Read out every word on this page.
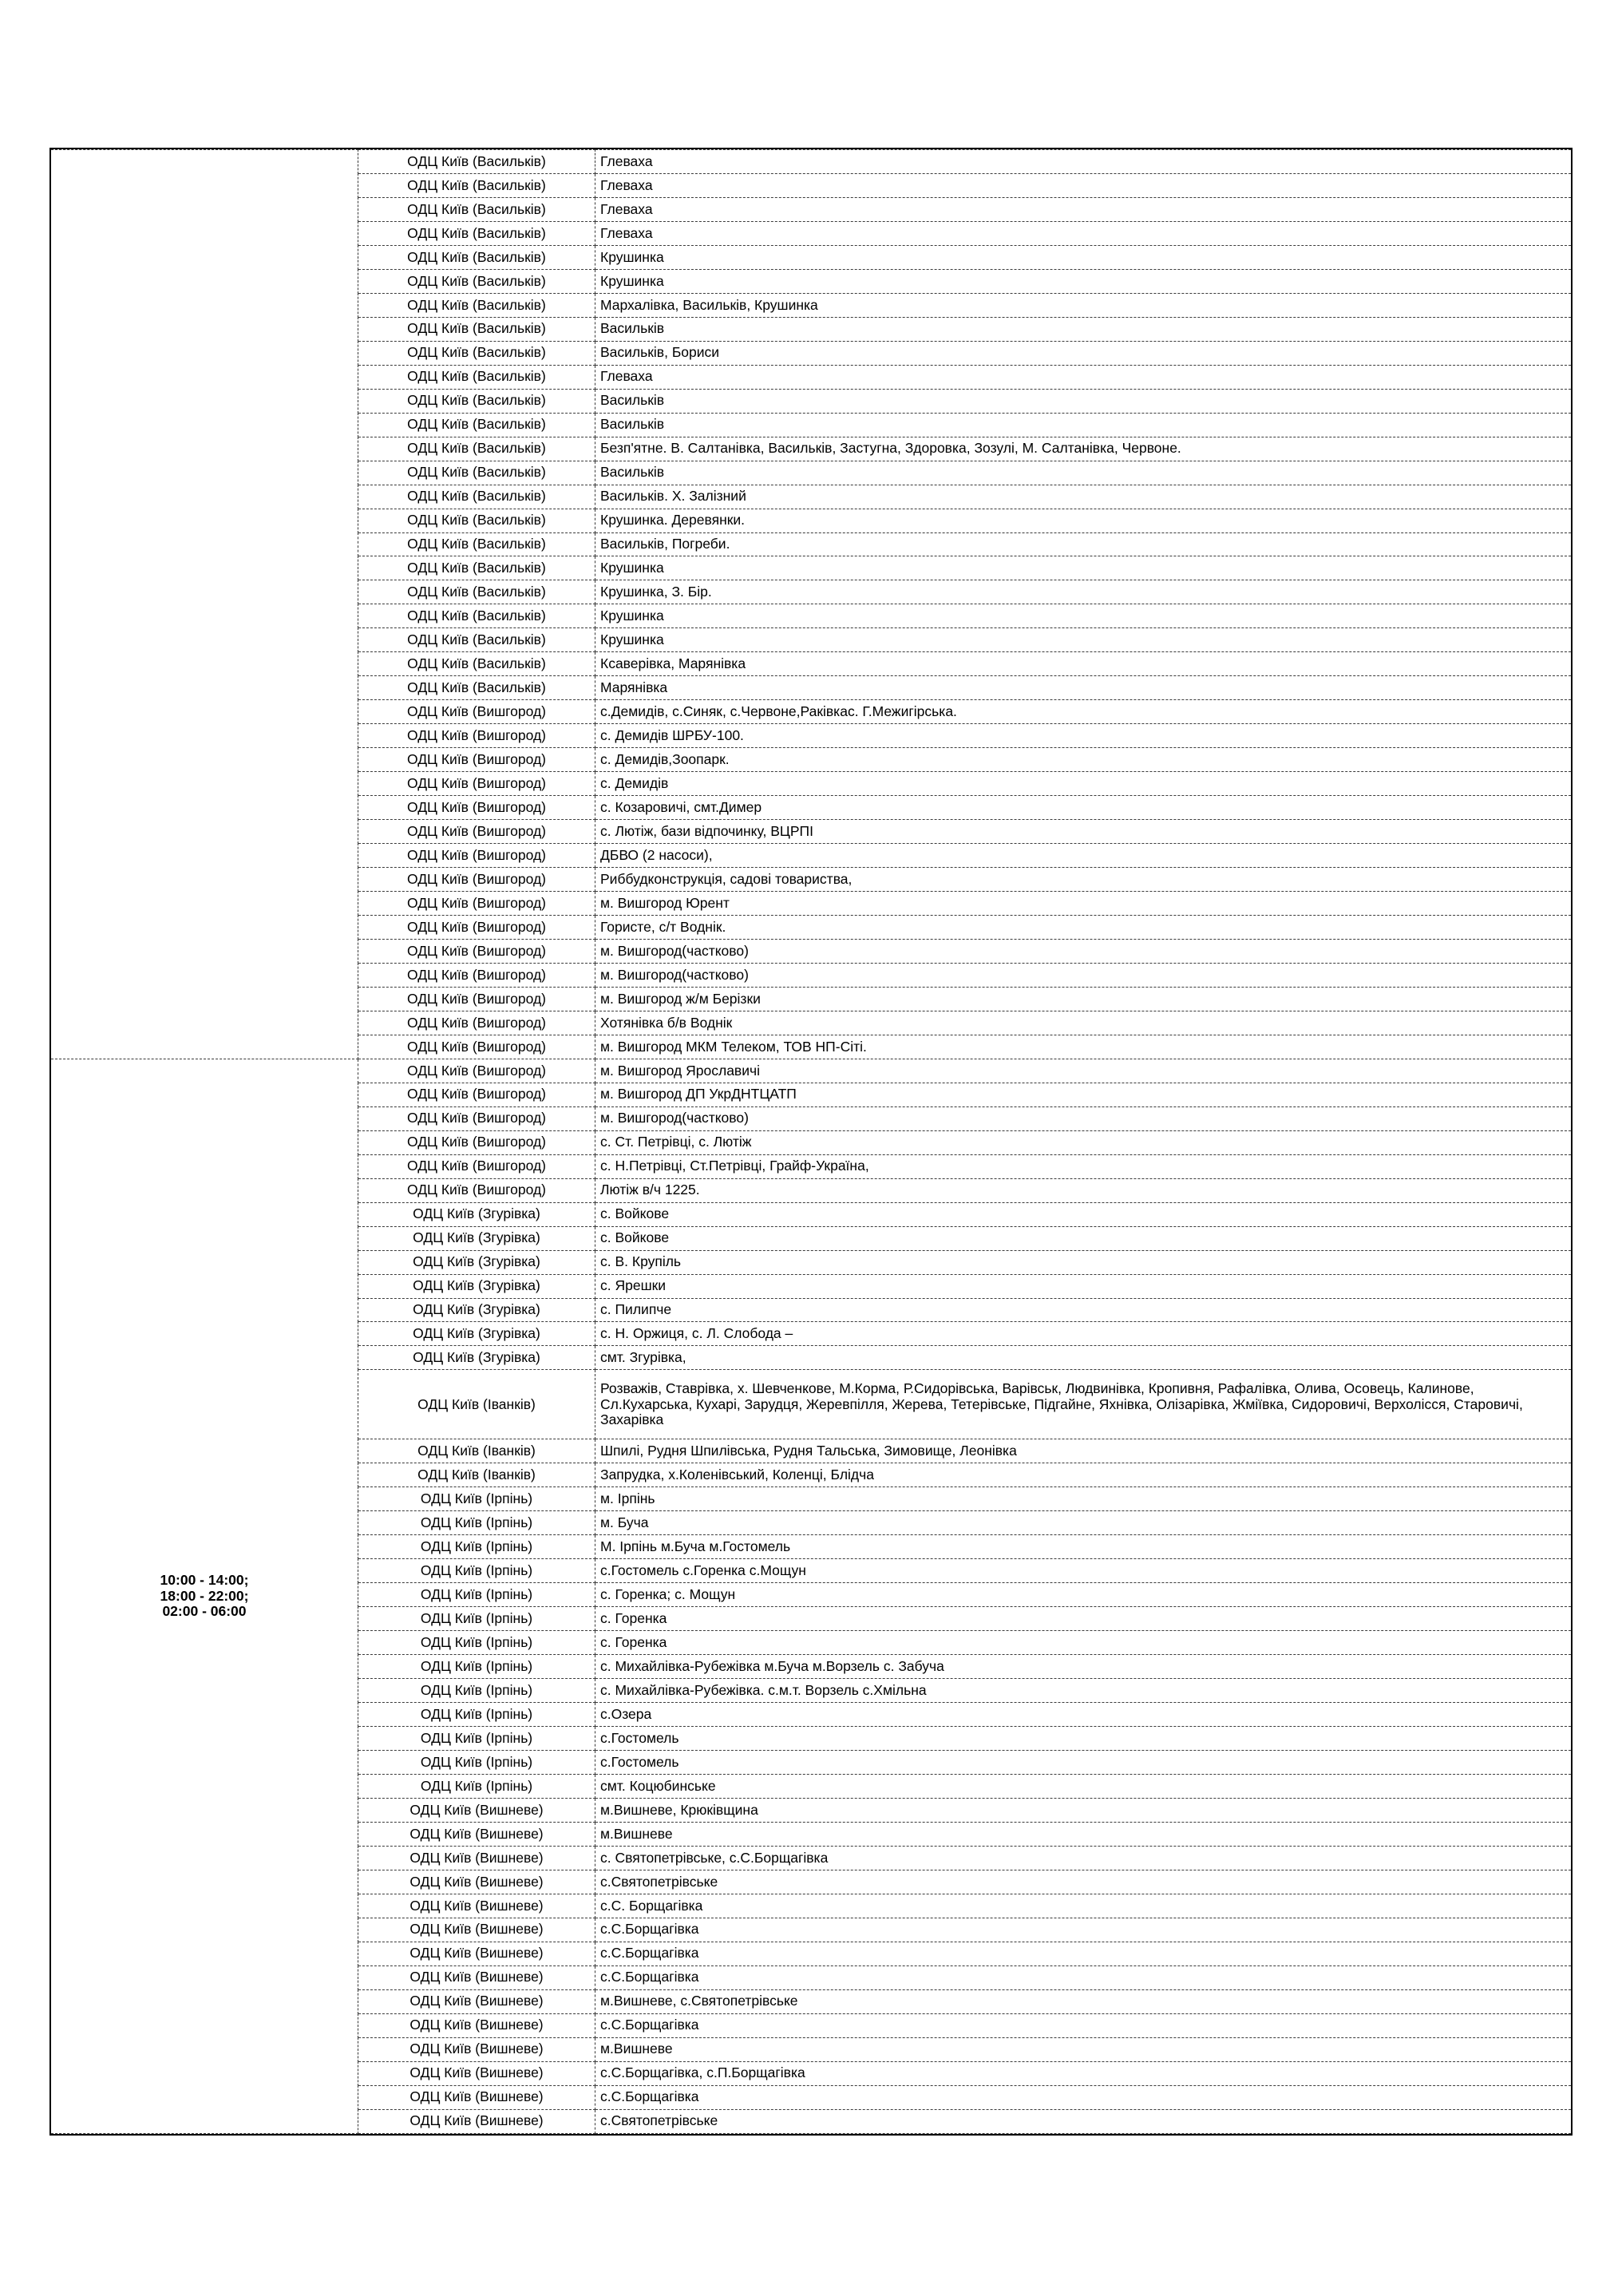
	ОДЦ Київ (Васильків)	Глеваха
	ОДЦ Київ (Васильків)	Глеваха
	ОДЦ Київ (Васильків)	Глеваха
	ОДЦ Київ (Васильків)	Глеваха
	ОДЦ Київ (Васильків)	Крушинка
	ОДЦ Київ (Васильків)	Крушинка
	ОДЦ Київ (Васильків)	Мархалівка, Васильків, Крушинка
	ОДЦ Київ (Васильків)	Васильків
	ОДЦ Київ (Васильків)	Васильків, Бориси
	ОДЦ Київ (Васильків)	Глеваха
	ОДЦ Київ (Васильків)	Васильків
	ОДЦ Київ (Васильків)	Васильків
	ОДЦ Київ (Васильків)	Безп'ятне. В. Салтанівка, Васильків, Застугна, Здоровка, Зозулі, М. Салтанівка, Червоне.
	ОДЦ Київ (Васильків)	Васильків
	ОДЦ Київ (Васильків)	Васильків. Х. Залізний
	ОДЦ Київ (Васильків)	Крушинка. Деревянки.
	ОДЦ Київ (Васильків)	Васильків, Погреби.
	ОДЦ Київ (Васильків)	Крушинка
	ОДЦ Київ (Васильків)	Крушинка, З. Бір.
	ОДЦ Київ (Васильків)	Крушинка
	ОДЦ Київ (Васильків)	Крушинка
	ОДЦ Київ (Васильків)	Ксаверівка, Марянівка
	ОДЦ Київ (Васильків)	Марянівка
	ОДЦ Київ (Вишгород)	с.Демидів, с.Синяк, с.Червоне,Раківкас. Г.Межигірська.
	ОДЦ Київ (Вишгород)	с. Демидів ШРБУ-100.
	ОДЦ Київ (Вишгород)	с. Демидів,Зоопарк.
	ОДЦ Київ (Вишгород)	с. Демидів
	ОДЦ Київ (Вишгород)	с. Козаровичі, смт.Димер
	ОДЦ Київ (Вишгород)	с. Лютіж, бази відпочинку, ВЦРПІ
	ОДЦ Київ (Вишгород)	ДБВО (2 насоси),
	ОДЦ Київ (Вишгород)	Риббудконструкція, садові товариства,
	ОДЦ Київ (Вишгород)	м. Вишгород Юрент
	ОДЦ Київ (Вишгород)	Гористе, с/т Воднік.
	ОДЦ Київ (Вишгород)	м. Вишгород(частково)
	ОДЦ Київ (Вишгород)	м. Вишгород(частково)
	ОДЦ Київ (Вишгород)	м. Вишгород ж/м Берізки
	ОДЦ Київ (Вишгород)	Хотянівка б/в Воднік
	ОДЦ Київ (Вишгород)	м. Вишгород МКМ Телеком, ТОВ НП-Сіті.

10:00 - 14:00;
18:00 - 22:00;
02:00 - 06:00	ОДЦ Київ (Вишгород)	м. Вишгород Ярославичі
	ОДЦ Київ (Вишгород)	м. Вишгород ДП УкрДНТЦАТП
	ОДЦ Київ (Вишгород)	м. Вишгород(частково)
	ОДЦ Київ (Вишгород)	с. Ст. Петрівці, с. Лютіж
	ОДЦ Київ (Вишгород)	с. Н.Петрівці, Ст.Петрівці, Грайф-Україна,
	ОДЦ Київ (Вишгород)	Лютіж в/ч 1225.
	ОДЦ Київ (Згурівка)	с. Войкове
	ОДЦ Київ (Згурівка)	с. Войкове
	ОДЦ Київ (Згурівка)	с. В. Крупіль
	ОДЦ Київ (Згурівка)	с. Ярешки
	ОДЦ Київ (Згурівка)	с. Пилипче
	ОДЦ Київ (Згурівка)	с. Н. Оржиця, с. Л. Слобода –
	ОДЦ Київ (Згурівка)	смт. Згурівка,
	ОДЦ Київ (Іванків)	Розважів, Ставрівка, х. Шевченкове, М.Корма, Р.Сидорівська, Варівськ, Людвинівка, Кропивня, Рафалівка, Олива, Осовець, Калинове, Сл.Кухарська, Кухарі, Зарудця, Жеревпілля, Жерева, Тетерівське, Підгайне, Яхнівка, Олізарівка, Жміївка, Сидоровичі, Верхолісся, Старовичі, Захарівка
	ОДЦ Київ (Іванків)	Шпилі, Рудня Шпилівська, Рудня Тальська, Зимовище, Леонівка
	ОДЦ Київ (Іванків)	Запрудка, х.Коленівський, Коленці, Блідча
	ОДЦ Київ (Ірпінь)	м. Ірпінь
	ОДЦ Київ (Ірпінь)	м. Буча
	ОДЦ Київ (Ірпінь)	М. Ірпінь м.Буча м.Гостомель
	ОДЦ Київ (Ірпінь)	с.Гостомель с.Горенка с.Мощун
	ОДЦ Київ (Ірпінь)	с. Горенка; с. Мощун
	ОДЦ Київ (Ірпінь)	с. Горенка
	ОДЦ Київ (Ірпінь)	с. Горенка
	ОДЦ Київ (Ірпінь)	с. Михайлівка-Рубежівка м.Буча м.Ворзель с. Забуча
	ОДЦ Київ (Ірпінь)	с. Михайлівка-Рубежівка. с.м.т. Ворзель с.Хмільна
	ОДЦ Київ (Ірпінь)	с.Озера
	ОДЦ Київ (Ірпінь)	с.Гостомель
	ОДЦ Київ (Ірпінь)	с.Гостомель
	ОДЦ Київ (Ірпінь)	смт. Коцюбинське
	ОДЦ Київ (Вишневе)	м.Вишневе, Крюківщина
	ОДЦ Київ (Вишневе)	м.Вишневе
	ОДЦ Київ (Вишневе)	с. Святопетрівське, с.С.Борщагівка
	ОДЦ Київ (Вишневе)	с.Святопетрівське
	ОДЦ Київ (Вишневе)	с.С. Борщагівка
	ОДЦ Київ (Вишневе)	с.С.Борщагівка
	ОДЦ Київ (Вишневе)	с.С.Борщагівка
	ОДЦ Київ (Вишневе)	с.С.Борщагівка
	ОДЦ Київ (Вишневе)	м.Вишневе, с.Святопетрівське
	ОДЦ Київ (Вишневе)	с.С.Борщагівка
	ОДЦ Київ (Вишневе)	м.Вишневе
	ОДЦ Київ (Вишневе)	с.С.Борщагівка, с.П.Борщагівка
	ОДЦ Київ (Вишневе)	с.С.Борщагівка
	ОДЦ Київ (Вишневе)	с.Святопетрівське
